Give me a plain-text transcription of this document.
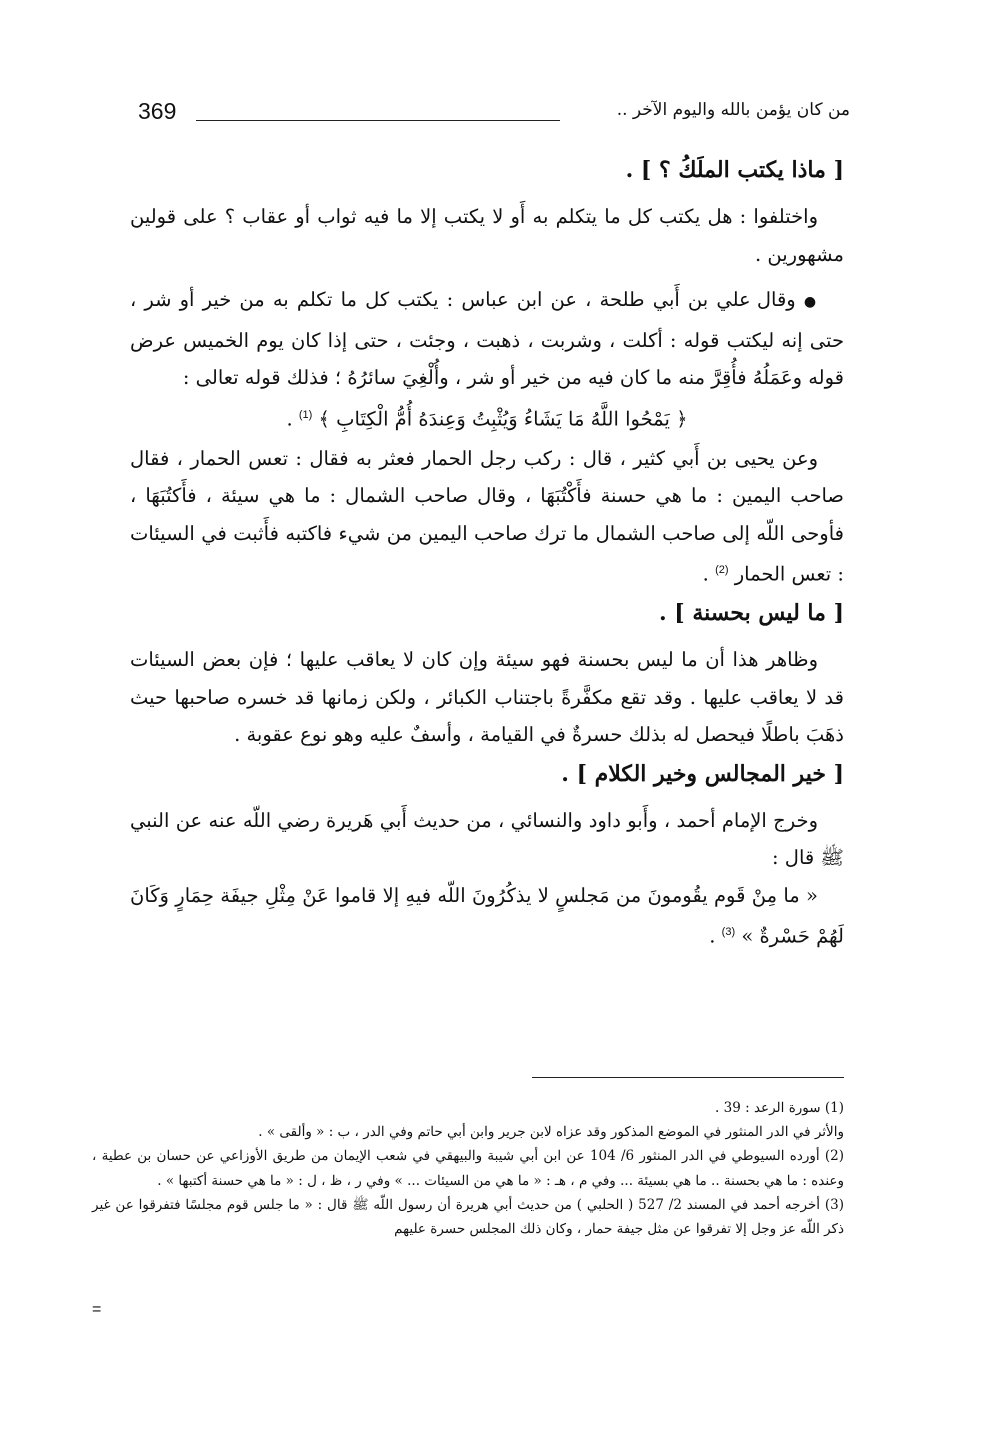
369	من كان يؤمن بالله واليوم الآخر ..

[ ماذا يكتب الملَكُ ؟ ] .

واختلفوا : هل يكتب كل ما يتكلم به أَو لا يكتب إلا ما فيه ثواب أو عقاب ؟ على قولين مشهورين .

● وقال علي بن أَبي طلحة ، عن ابن عباس : يكتب كل ما تكلم به من خير أو شر ، حتى إنه ليكتب قوله : أكلت ، وشربت ، ذهبت ، وجئت ، حتى إذا كان يوم الخميس عرض قوله وعَمَلُهُ فأُقِرَّ منه ما كان فيه من خير أو شر ، وأُلْغِيَ سائرُهُ ؛ فذلك قوله تعالى :

﴿ يَمْحُوا اللَّهُ مَا يَشَاءُ وَيُثْبِتُ وَعِندَهُ أُمُّ الْكِتَابِ ﴾ $^{(1)}$ .

وعن يحيى بن أَبي كثير ، قال : ركب رجل الحمار فعثر به فقال : تعس الحمار ، فقال صاحب اليمين : ما هي حسنة فأَكْتُبَهَا ، وقال صاحب الشمال : ما هي سيئة ، فأَكتُبَهَا ، فأوحى اللّه إلى صاحب الشمال ما ترك صاحب اليمين من شيء فاكتبه فأَثبت في السيئات : تعس الحمار $^{(2)}$ .

[ ما ليس بحسنة ] .

وظاهر هذا أن ما ليس بحسنة فهو سيئة وإن كان لا يعاقب عليها ؛ فإن بعض السيئات قد لا يعاقب عليها . وقد تقع مكفَّرةً باجتناب الكبائر ، ولكن زمانها قد خسره صاحبها حيث ذهَبَ باطلًا فيحصل له بذلك حسرةٌ في القيامة ، وأسفٌ عليه وهو نوع عقوبة .

[ خير المجالس وخير الكلام ] .

وخرج الإمام أحمد ، وأَبو داود والنسائي ، من حديث أَبي هَريرة رضي اللّه عنه عن النبي ﷺ قال :

« ما مِنْ قَوم يقُومونَ من مَجلسٍ لا يذكُرُونَ اللّه فيهِ إلا قاموا عَنْ مِثْلِ جيفَة حِمَارٍ وَكَانَ لَهُمْ حَسْرةٌ » $^{(3)}$ .

(1) سورة الرعد : 39 .

والأثر في الدر المنثور في الموضع المذكور وقد عزاه لابن جرير وابن أبي حاتم وفي الدر ، ب : « وألقى » .

(2) أورده السيوطي في الدر المنثور 6/ 104 عن ابن أبي شيبة والبيهقي في شعب الإيمان من طريق الأوزاعي عن حسان بن عطية ، وعنده : ما هي بحسنة .. ما هي بسيئة ... وفي م ، هـ : « ما هي من السيئات ... » وفي ر ، ظ ، ل : « ما هي حسنة أكتبها » .

(3) أخرجه أحمد في المسند 2/ 527 ( الحلبي ) من حديث أبي هريرة أن رسول اللّه ﷺ قال : « ما جلس قوم مجلسًا فتفرقوا عن غير ذكر اللّه عز وجل إلا تفرقوا عن مثل جيفة حمار ، وكان ذلك المجلس حسرة عليهم

=
